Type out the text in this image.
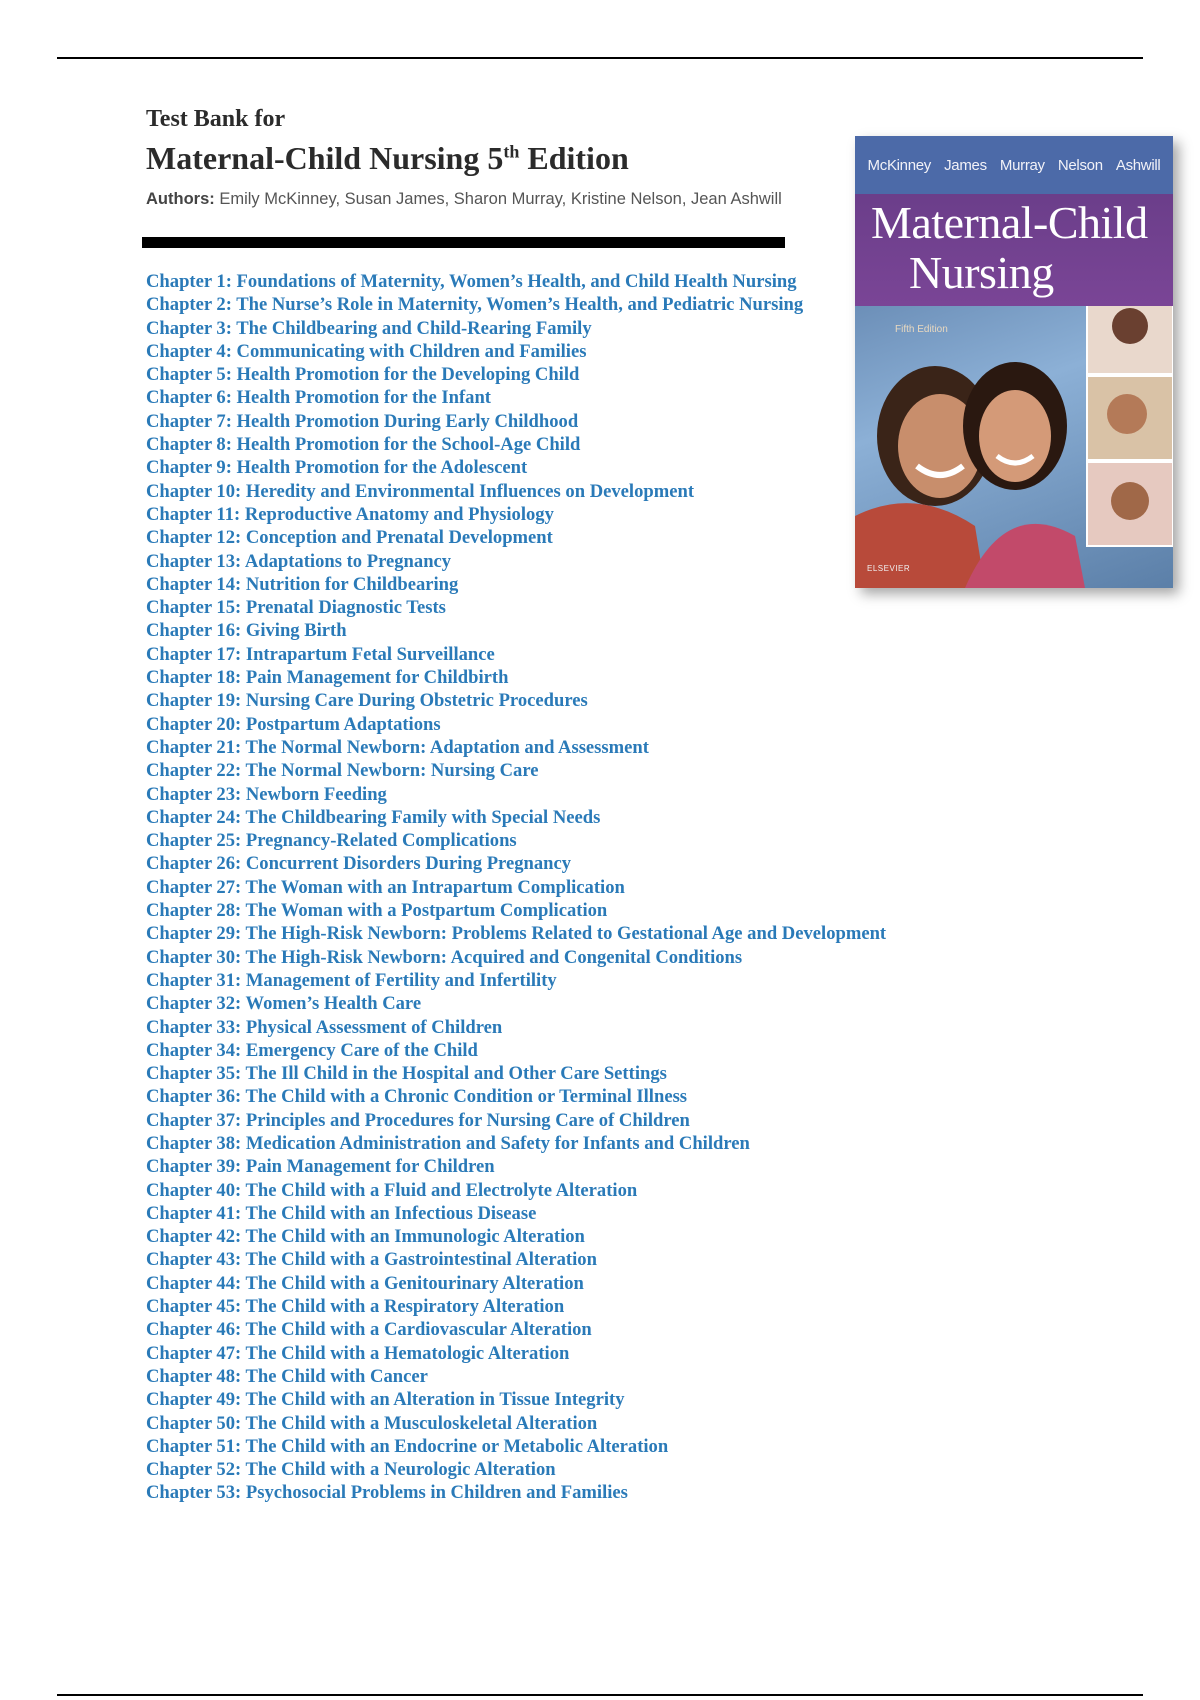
Test Bank for
Maternal-Child Nursing 5th Edition
Authors: Emily McKinney, Susan James, Sharon Murray, Kristine Nelson, Jean Ashwill
McKinney James Murray Nelson Ashwill
Maternal-Child
Nursing
Fifth Edition
ELSEVIER
Chapter 1: Foundations of Maternity, Women’s Health, and Child Health Nursing
Chapter 2: The Nurse’s Role in Maternity, Women’s Health, and Pediatric Nursing
Chapter 3: The Childbearing and Child-Rearing Family
Chapter 4: Communicating with Children and Families
Chapter 5: Health Promotion for the Developing Child
Chapter 6: Health Promotion for the Infant
Chapter 7: Health Promotion During Early Childhood
Chapter 8: Health Promotion for the School-Age Child
Chapter 9: Health Promotion for the Adolescent
Chapter 10: Heredity and Environmental Influences on Development
Chapter 11: Reproductive Anatomy and Physiology
Chapter 12: Conception and Prenatal Development
Chapter 13: Adaptations to Pregnancy
Chapter 14: Nutrition for Childbearing
Chapter 15: Prenatal Diagnostic Tests
Chapter 16: Giving Birth
Chapter 17: Intrapartum Fetal Surveillance
Chapter 18: Pain Management for Childbirth
Chapter 19: Nursing Care During Obstetric Procedures
Chapter 20: Postpartum Adaptations
Chapter 21: The Normal Newborn: Adaptation and Assessment
Chapter 22: The Normal Newborn: Nursing Care
Chapter 23: Newborn Feeding
Chapter 24: The Childbearing Family with Special Needs
Chapter 25: Pregnancy-Related Complications
Chapter 26: Concurrent Disorders During Pregnancy
Chapter 27: The Woman with an Intrapartum Complication
Chapter 28: The Woman with a Postpartum Complication
Chapter 29: The High-Risk Newborn: Problems Related to Gestational Age and Development
Chapter 30: The High-Risk Newborn: Acquired and Congenital Conditions
Chapter 31: Management of Fertility and Infertility
Chapter 32: Women’s Health Care
Chapter 33: Physical Assessment of Children
Chapter 34: Emergency Care of the Child
Chapter 35: The Ill Child in the Hospital and Other Care Settings
Chapter 36: The Child with a Chronic Condition or Terminal Illness
Chapter 37: Principles and Procedures for Nursing Care of Children
Chapter 38: Medication Administration and Safety for Infants and Children
Chapter 39: Pain Management for Children
Chapter 40: The Child with a Fluid and Electrolyte Alteration
Chapter 41: The Child with an Infectious Disease
Chapter 42: The Child with an Immunologic Alteration
Chapter 43: The Child with a Gastrointestinal Alteration
Chapter 44: The Child with a Genitourinary Alteration
Chapter 45: The Child with a Respiratory Alteration
Chapter 46: The Child with a Cardiovascular Alteration
Chapter 47: The Child with a Hematologic Alteration
Chapter 48: The Child with Cancer
Chapter 49: The Child with an Alteration in Tissue Integrity
Chapter 50: The Child with a Musculoskeletal Alteration
Chapter 51: The Child with an Endocrine or Metabolic Alteration
Chapter 52: The Child with a Neurologic Alteration
Chapter 53: Psychosocial Problems in Children and Families
